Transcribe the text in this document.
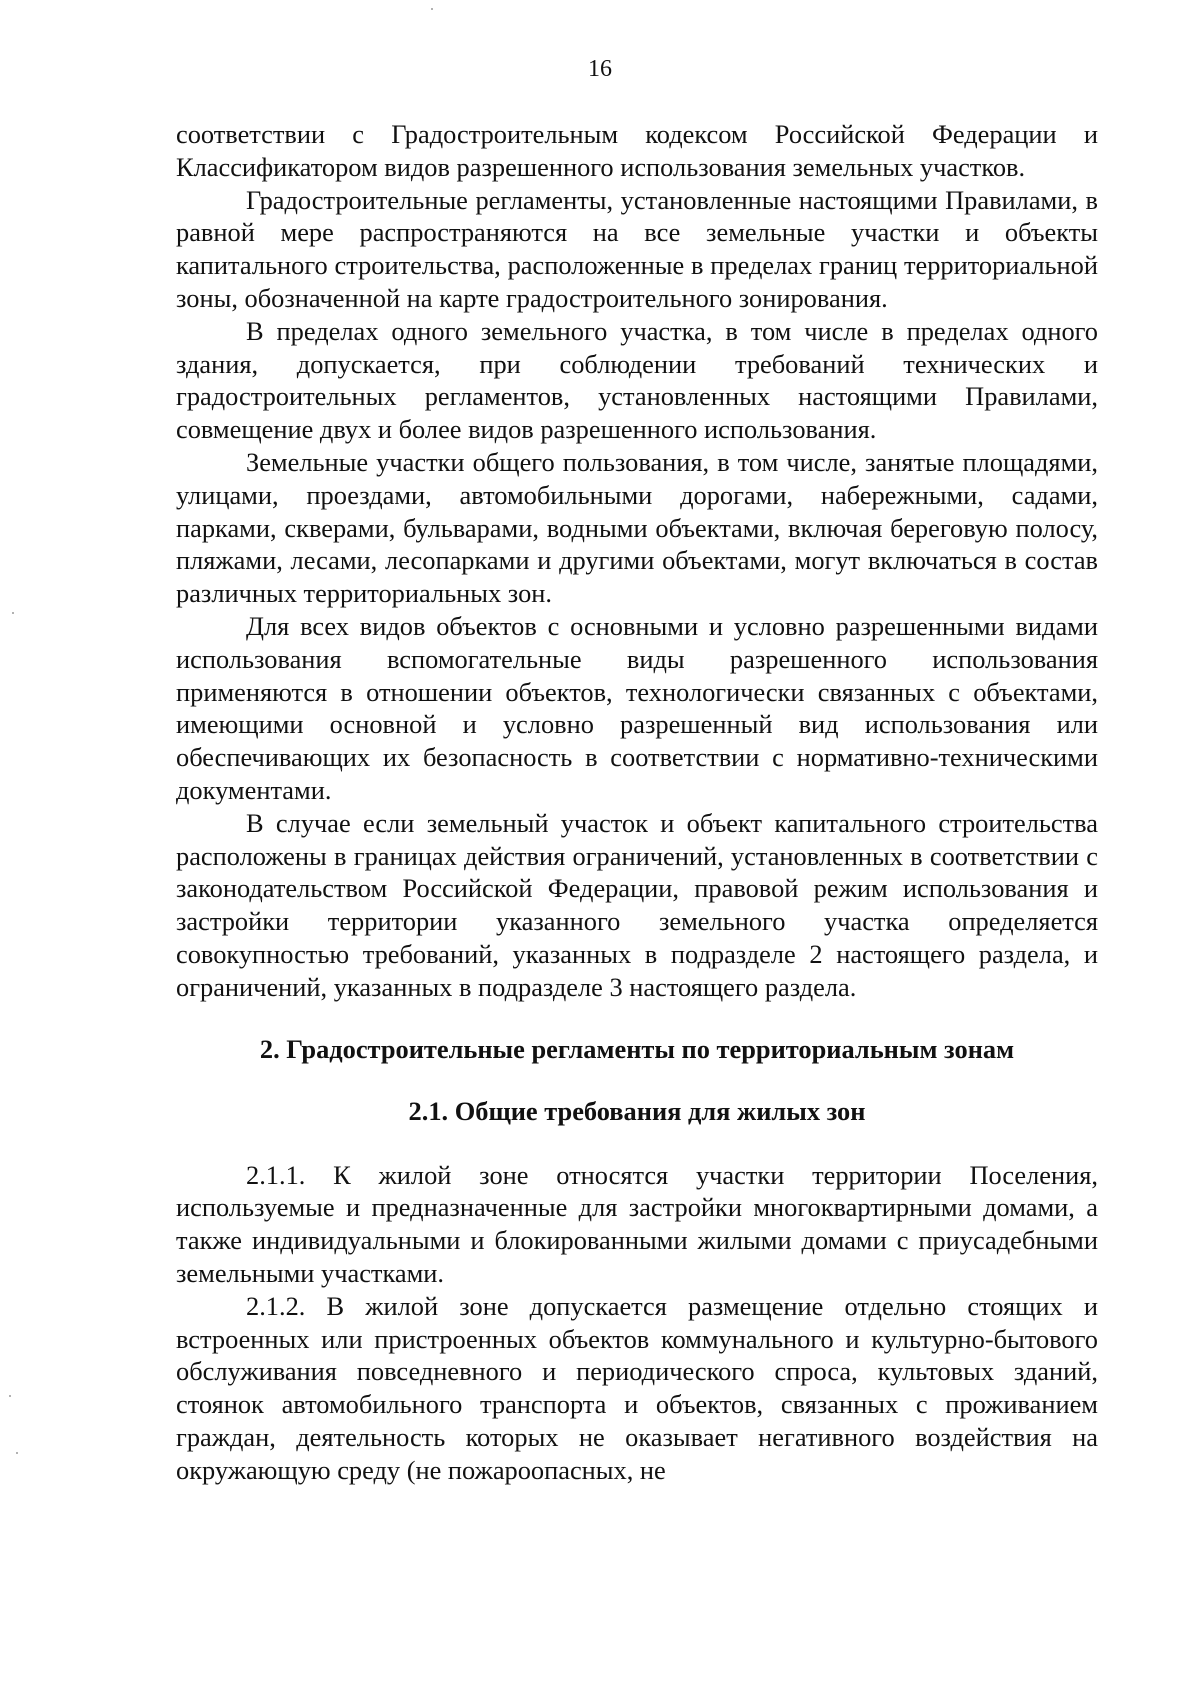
16

соответствии с Градостроительным кодексом Российской Федерации и Классификатором видов разрешенного использования земельных участков.

Градостроительные регламенты, установленные настоящими Правилами, в равной мере распространяются на все земельные участки и объекты капитального строительства, расположенные в пределах границ территориальной зоны, обозначенной на карте градостроительного зонирования.

В пределах одного земельного участка, в том числе в пределах одного здания, допускается, при соблюдении требований технических и градостроительных регламентов, установленных настоящими Правилами, совмещение двух и более видов разрешенного использования.

Земельные участки общего пользования, в том числе, занятые площадями, улицами, проездами, автомобильными дорогами, набережными, садами, парками, скверами, бульварами, водными объектами, включая береговую полосу, пляжами, лесами, лесопарками и другими объектами, могут включаться в состав различных территориальных зон.

Для всех видов объектов с основными и условно разрешенными видами использования вспомогательные виды разрешенного использования применяются в отношении объектов, технологически связанных с объектами, имеющими основной и условно разрешенный вид использования или обеспечивающих их безопасность в соответствии с нормативно-техническими документами.

В случае если земельный участок и объект капитального строительства расположены в границах действия ограничений, установленных в соответствии с законодательством Российской Федерации, правовой режим использования и застройки территории указанного земельного участка определяется совокупностью требований, указанных в подразделе 2 настоящего раздела, и ограничений, указанных в подразделе 3 настоящего раздела.

2. Градостроительные регламенты по территориальным зонам
2.1. Общие требования для жилых зон

2.1.1. К жилой зоне относятся участки территории Поселения, используемые и предназначенные для застройки многоквартирными домами, а также индивидуальными и блокированными жилыми домами с приусадебными земельными участками.

2.1.2. В жилой зоне допускается размещение отдельно стоящих и встроенных или пристроенных объектов коммунального и культурно-бытового обслуживания повседневного и периодического спроса, культовых зданий, стоянок автомобильного транспорта и объектов, связанных с проживанием граждан, деятельность которых не оказывает негативного воздействия на окружающую среду (не пожароопасных, не
